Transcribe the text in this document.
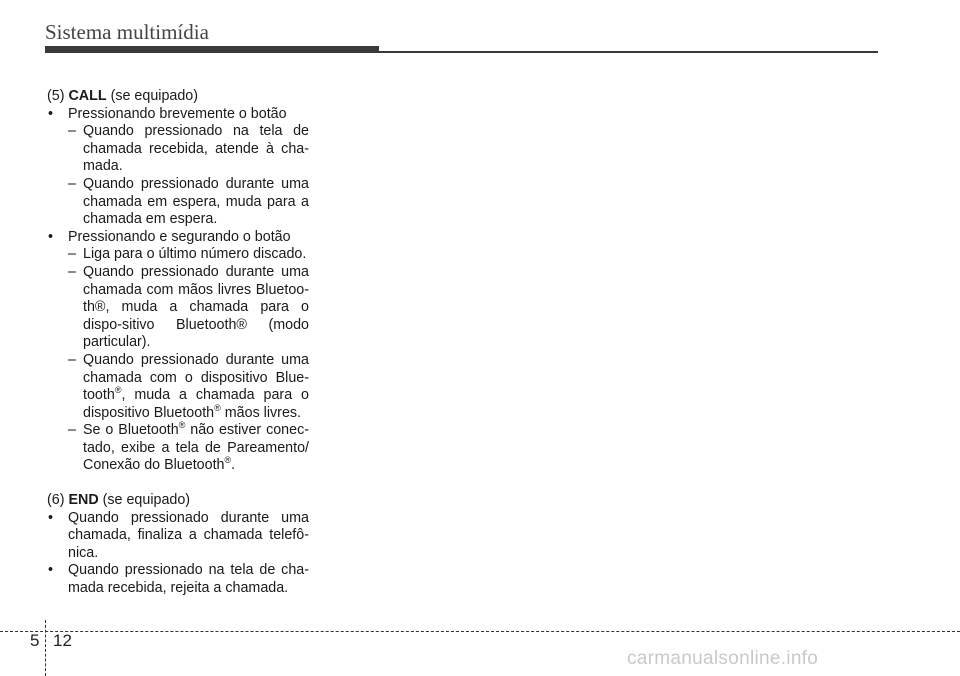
Sistema multimídia

(5) CALL (se equipado)

• Pressionando brevemente o botão

– Quando pressionado na tela de chamada recebida, atende à cha-mada.

– Quando pressionado durante uma chamada em espera, muda para a chamada em espera.

• Pressionando e segurando o botão

– Liga para o último número discado.

– Quando pressionado durante uma chamada com mãos livres Bluetoo-th®, muda a chamada para o dispo-sitivo Bluetooth® (modo particular).

– Quando pressionado durante uma chamada com o dispositivo Blue-tooth®, muda a chamada para o dispositivo Bluetooth® mãos livres.

– Se o Bluetooth® não estiver conec-tado, exibe a tela de Pareamento/ Conexão do Bluetooth®.

(6) END (se equipado)

• Quando pressionado durante uma chamada, finaliza a chamada telefô-nica.

• Quando pressionado na tela de cha-mada recebida, rejeita a chamada.

5 12
carmanualsonline.info
